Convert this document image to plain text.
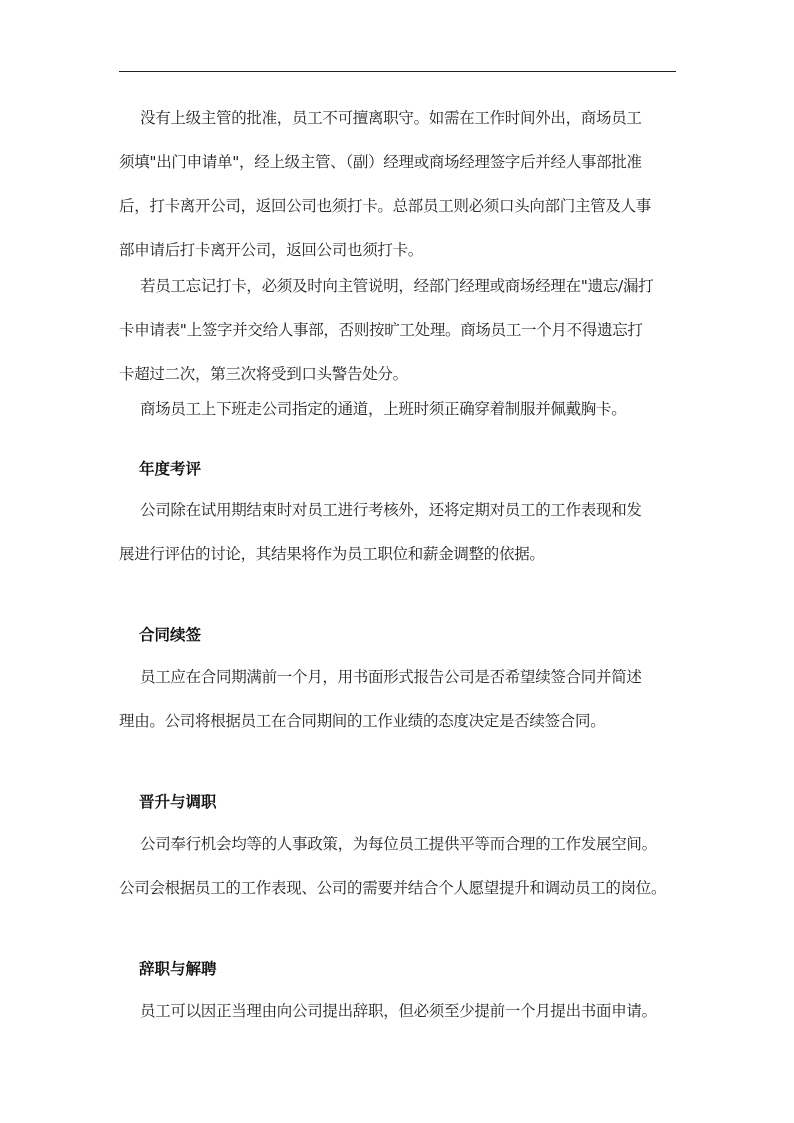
没有上级主管的批准，员工不可擅离职守。如需在工作时间外出，商场员工
须填"出门申请单"，经上级主管、（副）经理或商场经理签字后并经人事部批准
后，打卡离开公司，返回公司也须打卡。总部员工则必须口头向部门主管及人事
部申请后打卡离开公司，返回公司也须打卡。
若员工忘记打卡，必须及时向主管说明，经部门经理或商场经理在"遗忘/漏打
卡申请表"上签字并交给人事部，否则按旷工处理。商场员工一个月不得遗忘打
卡超过二次，第三次将受到口头警告处分。
商场员工上下班走公司指定的通道，上班时须正确穿着制服并佩戴胸卡。
年度考评
公司除在试用期结束时对员工进行考核外，还将定期对员工的工作表现和发
展进行评估的讨论，其结果将作为员工职位和薪金调整的依据。
合同续签
员工应在合同期满前一个月，用书面形式报告公司是否希望续签合同并简述
理由。公司将根据员工在合同期间的工作业绩的态度决定是否续签合同。
晋升与调职
公司奉行机会均等的人事政策，为每位员工提供平等而合理的工作发展空间。
公司会根据员工的工作表现、公司的需要并结合个人愿望提升和调动员工的岗位。
辞职与解聘
员工可以因正当理由向公司提出辞职，但必须至少提前一个月提出书面申请。
